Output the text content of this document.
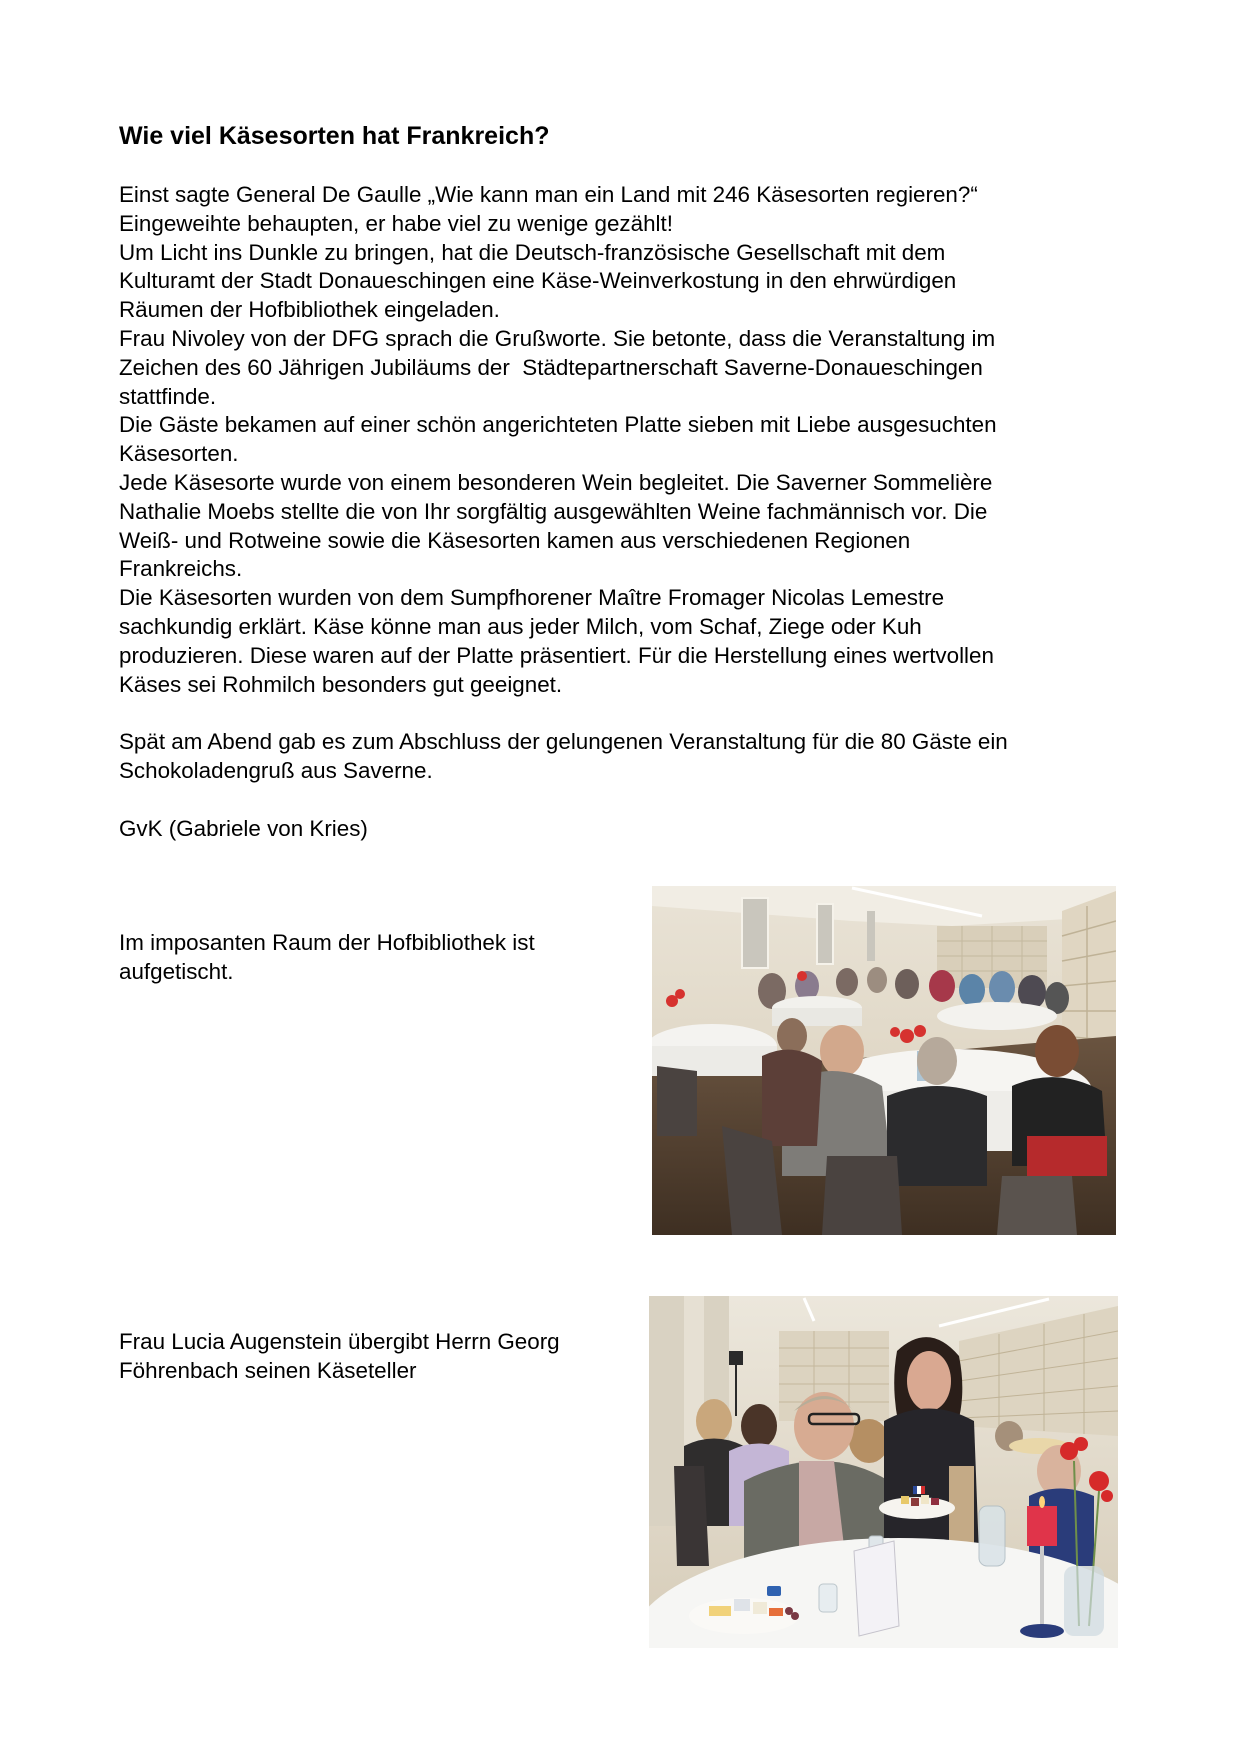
Wie viel Käsesorten hat Frankreich?

Einst sagte General De Gaulle „Wie kann man ein Land mit 246 Käsesorten regieren?“
Eingeweihte behaupten, er habe viel zu wenige gezählt!
Um Licht ins Dunkle zu bringen, hat die Deutsch-französische Gesellschaft mit dem
Kulturamt der Stadt Donaueschingen eine Käse-Weinverkostung in den ehrwürdigen
Räumen der Hofbibliothek eingeladen.
Frau Nivoley von der DFG sprach die Grußworte. Sie betonte, dass die Veranstaltung im
Zeichen des 60 Jährigen Jubiläums der  Städtepartnerschaft Saverne-Donaueschingen
stattfinde.
Die Gäste bekamen auf einer schön angerichteten Platte sieben mit Liebe ausgesuchten
Käsesorten.
Jede Käsesorte wurde von einem besonderen Wein begleitet. Die Saverner Sommelière
Nathalie Moebs stellte die von Ihr sorgfältig ausgewählten Weine fachmännisch vor. Die
Weiß- und Rotweine sowie die Käsesorten kamen aus verschiedenen Regionen
Frankreichs.
Die Käsesorten wurden von dem Sumpfhorener Maître Fromager Nicolas Lemestre
sachkundig erklärt. Käse könne man aus jeder Milch, vom Schaf, Ziege oder Kuh
produzieren. Diese waren auf der Platte präsentiert. Für die Herstellung eines wertvollen
Käses sei Rohmilch besonders gut geeignet.

Spät am Abend gab es zum Abschluss der gelungenen Veranstaltung für die 80 Gäste ein
Schokoladengruß aus Saverne.

GvK (Gabriele von Kries)

Im imposanten Raum der Hofbibliothek ist
aufgetischt.
Frau Lucia Augenstein übergibt Herrn Georg
Föhrenbach seinen Käseteller
